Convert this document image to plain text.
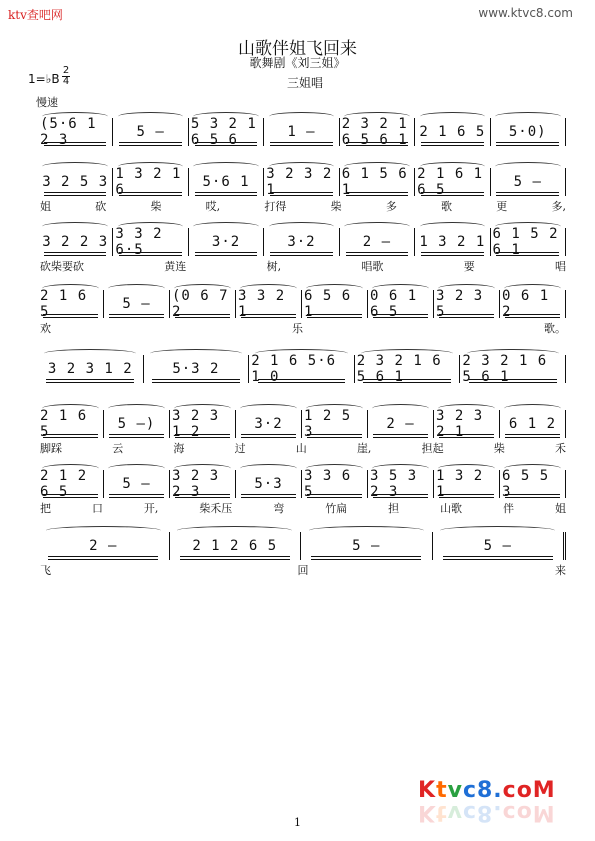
ktv查吧网	www.ktvc8.com
山歌伴姐飞回来
歌舞剧《刘三姐》
三姐唱
1=♭B
2
4
慢速
(5·6 1 2 3	5 — 5 3 2 1 6 5 6	1 — 2 3 2 1 6 5 6 1 2 1 6 5 5·0)
3 2 5 3 1 3 2 1 6	5·6 1 3 2 3 2 1
6 1 5 6 1
2 1 6 1 6 5	5 —
姐	砍	柴	哎,	打得	柴	多	歌	更	多,
3 2 2 3 3 3 2 6·5	3·2	3·2	2 — 1 3 2 1 6 1 5 2 6 1
砍柴要砍	黄连	树,	唱歌	要	唱
2 1 6 5	5 — (0 6 7 2
3 3 2 1
6 5 6 1
0 6 1 6 5
3 2 3 5
0 6 1 2
欢	乐	歌。
3 2 3 1 2	5·3 2 2 1 6 5·6 1 0
2 3 2 1 6 5 6 1
2 3 2 1 6 5 6 1
2 1 6 5	5 —) 3 2 3 1 2	3·2 1 2 5 3	2 — 3 2 3 2 1	6 1 2
脚踩	云	海	过	山	崖,	担起	柴	禾
2 1 2 6 5	5 — 3 2 3 2 3	5·3 3 3 6 5
3 5 3 2 3
1 3 2 1
6 5 5 3
把	口	开,	柴禾压	弯	竹扁	担	山歌	伴	姐
2 —	2 1 2 6 5	5 —	5 —
飞	回	来
Ktvc8.coM
Ktvc8.coM
1
